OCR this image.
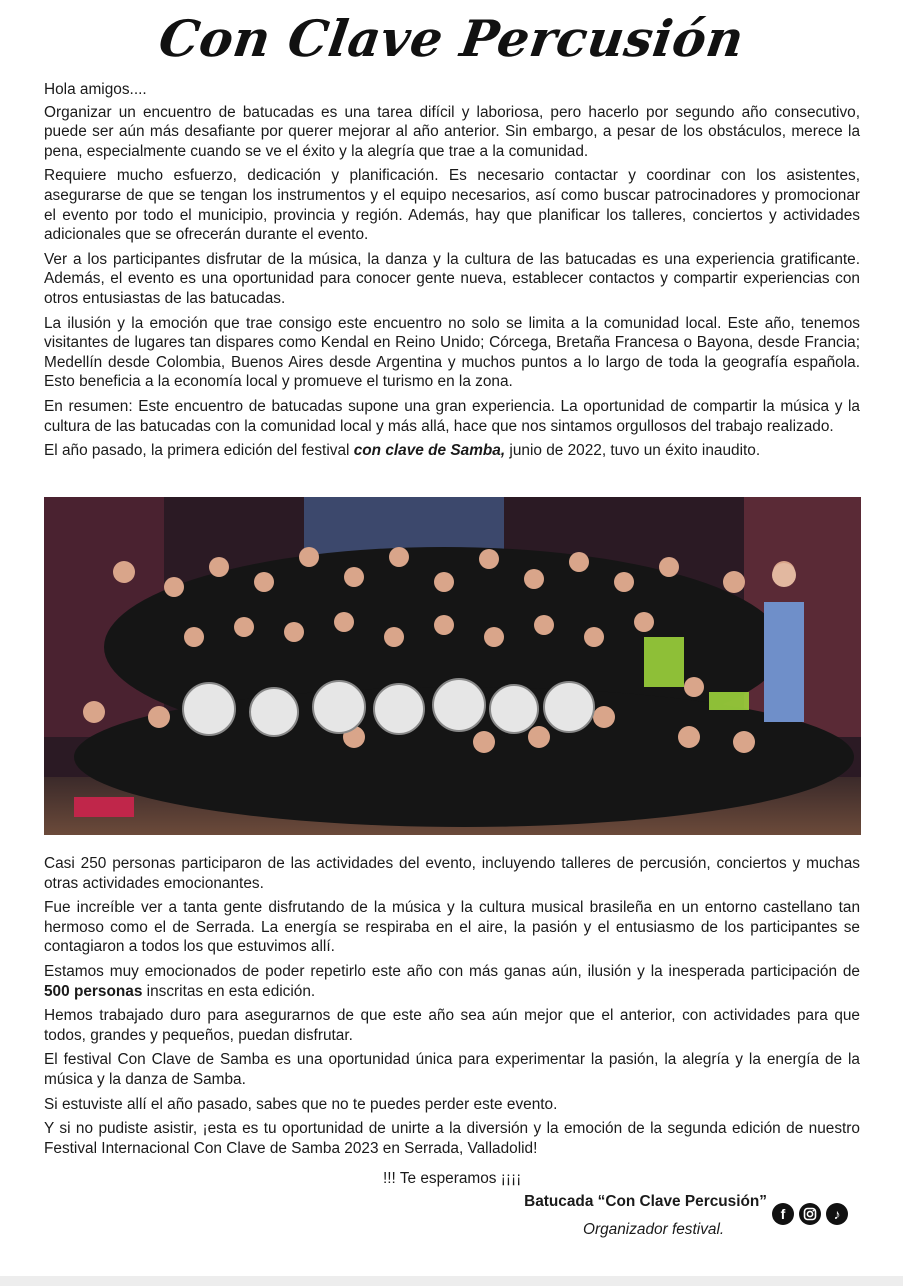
Con Clave Percusión

Hola amigos....

Organizar un encuentro de batucadas es una tarea difícil y laboriosa, pero hacerlo por segundo año consecutivo, puede ser aún más desafiante por querer mejorar al año anterior. Sin embargo, a pesar de los obstáculos, merece la pena, especialmente cuando se ve el éxito y la alegría que trae a la comunidad.

Requiere mucho esfuerzo, dedicación y planificación. Es necesario contactar y coordinar con los asistentes, asegurarse de que se tengan los instrumentos y el equipo necesarios, así como buscar patrocinadores y promocionar el evento por todo el municipio, provincia y región. Además, hay que planificar los talleres, conciertos y actividades adicionales que se ofrecerán durante el evento.

Ver a los participantes disfrutar de la música, la danza y la cultura de las batucadas es una experiencia gratificante. Además, el evento es una oportunidad para conocer gente nueva, establecer contactos y compartir experiencias con otros entusiastas de las batucadas.

La ilusión y la emoción que trae consigo este encuentro no solo se limita a la comunidad local. Este año, tenemos visitantes de lugares tan dispares como Kendal en Reino Unido; Córcega, Bretaña Francesa o Bayona, desde Francia; Medellín desde Colombia, Buenos Aires desde Argentina y muchos puntos a lo largo de toda la geografía española. Esto beneficia a la economía local y promueve el turismo en la zona.

En resumen: Este encuentro de batucadas supone una gran experiencia. La oportunidad de compartir la música y la cultura de las batucadas con la comunidad local y más allá, hace que nos sintamos orgullosos del trabajo realizado.

El año pasado, la primera edición del festival con clave de Samba, junio de 2022, tuvo un éxito inaudito.

Casi 250 personas participaron de las actividades del evento, incluyendo talleres de percusión, conciertos y muchas otras actividades emocionantes.

Fue increíble ver a tanta gente disfrutando de la música y la cultura musical brasileña en un entorno castellano tan hermoso como el de Serrada. La energía se respiraba en el aire, la pasión y el entusiasmo de los participantes se contagiaron a todos los que estuvimos allí.

Estamos muy emocionados de poder repetirlo este año con más ganas aún, ilusión y la inesperada participación de 500 personas inscritas en esta edición.

Hemos trabajado duro para asegurarnos de que este año sea aún mejor que el anterior, con actividades para que todos, grandes y pequeños, puedan disfrutar.

El festival Con Clave de Samba es una oportunidad única para experimentar la pasión, la alegría y la energía de la música y la danza de Samba.

Si estuviste allí el año pasado, sabes que no te puedes perder este evento.

Y si no pudiste asistir, ¡esta es tu oportunidad de unirte a la diversión y la emoción de la segunda edición de nuestro Festival Internacional Con Clave de Samba 2023 en Serrada, Valladolid!

!!! Te esperamos ¡¡¡¡
Batucada “Con Clave Percusión”
Organizador festival.
f	♪
